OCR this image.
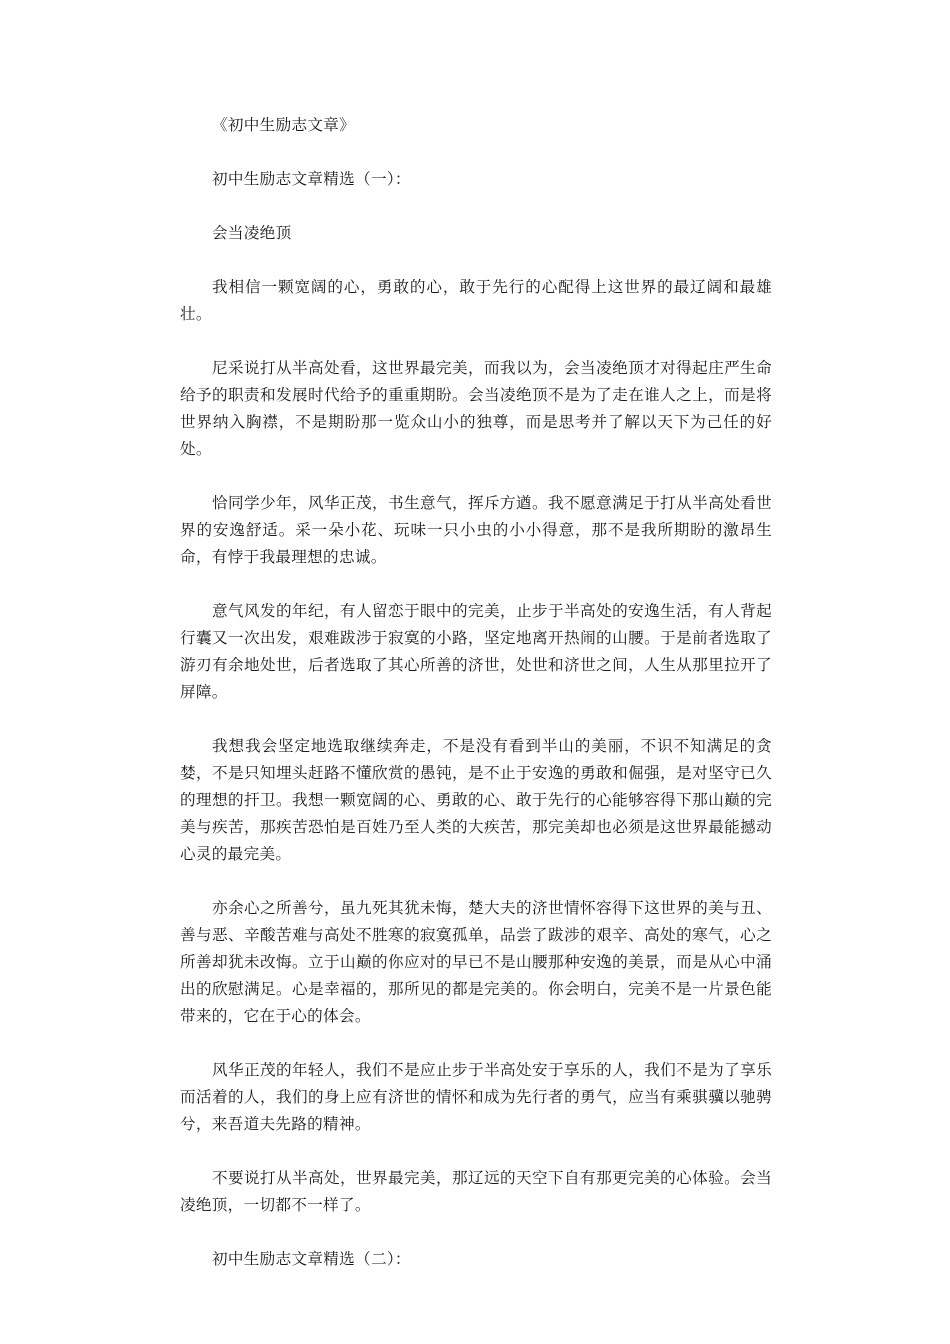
《初中生励志文章》

初中生励志文章精选（一）：

会当凌绝顶

我相信一颗宽阔的心，勇敢的心，敢于先行的心配得上这世界的最辽阔和最雄壮。

尼采说打从半高处看，这世界最完美，而我以为，会当凌绝顶才对得起庄严生命给予的职责和发展时代给予的重重期盼。会当凌绝顶不是为了走在谁人之上，而是将世界纳入胸襟，不是期盼那一览众山小的独尊，而是思考并了解以天下为己任的好处。

恰同学少年，风华正茂，书生意气，挥斥方遒。我不愿意满足于打从半高处看世界的安逸舒适。采一朵小花、玩味一只小虫的小小得意，那不是我所期盼的激昂生命，有悖于我最理想的忠诚。

意气风发的年纪，有人留恋于眼中的完美，止步于半高处的安逸生活，有人背起行囊又一次出发，艰难跋涉于寂寞的小路，坚定地离开热闹的山腰。于是前者选取了游刃有余地处世，后者选取了其心所善的济世，处世和济世之间，人生从那里拉开了屏障。

我想我会坚定地选取继续奔走，不是没有看到半山的美丽，不识不知满足的贪婪，不是只知埋头赶路不懂欣赏的愚钝，是不止于安逸的勇敢和倔强，是对坚守已久的理想的扞卫。我想一颗宽阔的心、勇敢的心、敢于先行的心能够容得下那山巅的完美与疾苦，那疾苦恐怕是百姓乃至人类的大疾苦，那完美却也必须是这世界最能撼动心灵的最完美。

亦余心之所善兮，虽九死其犹未悔，楚大夫的济世情怀容得下这世界的美与丑、善与恶、辛酸苦难与高处不胜寒的寂寞孤单，品尝了跋涉的艰辛、高处的寒气，心之所善却犹未改悔。立于山巅的你应对的早已不是山腰那种安逸的美景，而是从心中涌出的欣慰满足。心是幸福的，那所见的都是完美的。你会明白，完美不是一片景色能带来的，它在于心的体会。

风华正茂的年轻人，我们不是应止步于半高处安于享乐的人，我们不是为了享乐而活着的人，我们的身上应有济世的情怀和成为先行者的勇气，应当有乘骐骥以驰骋兮，来吾道夫先路的精神。

不要说打从半高处，世界最完美，那辽远的天空下自有那更完美的心体验。会当凌绝顶，一切都不一样了。

初中生励志文章精选（二）：
